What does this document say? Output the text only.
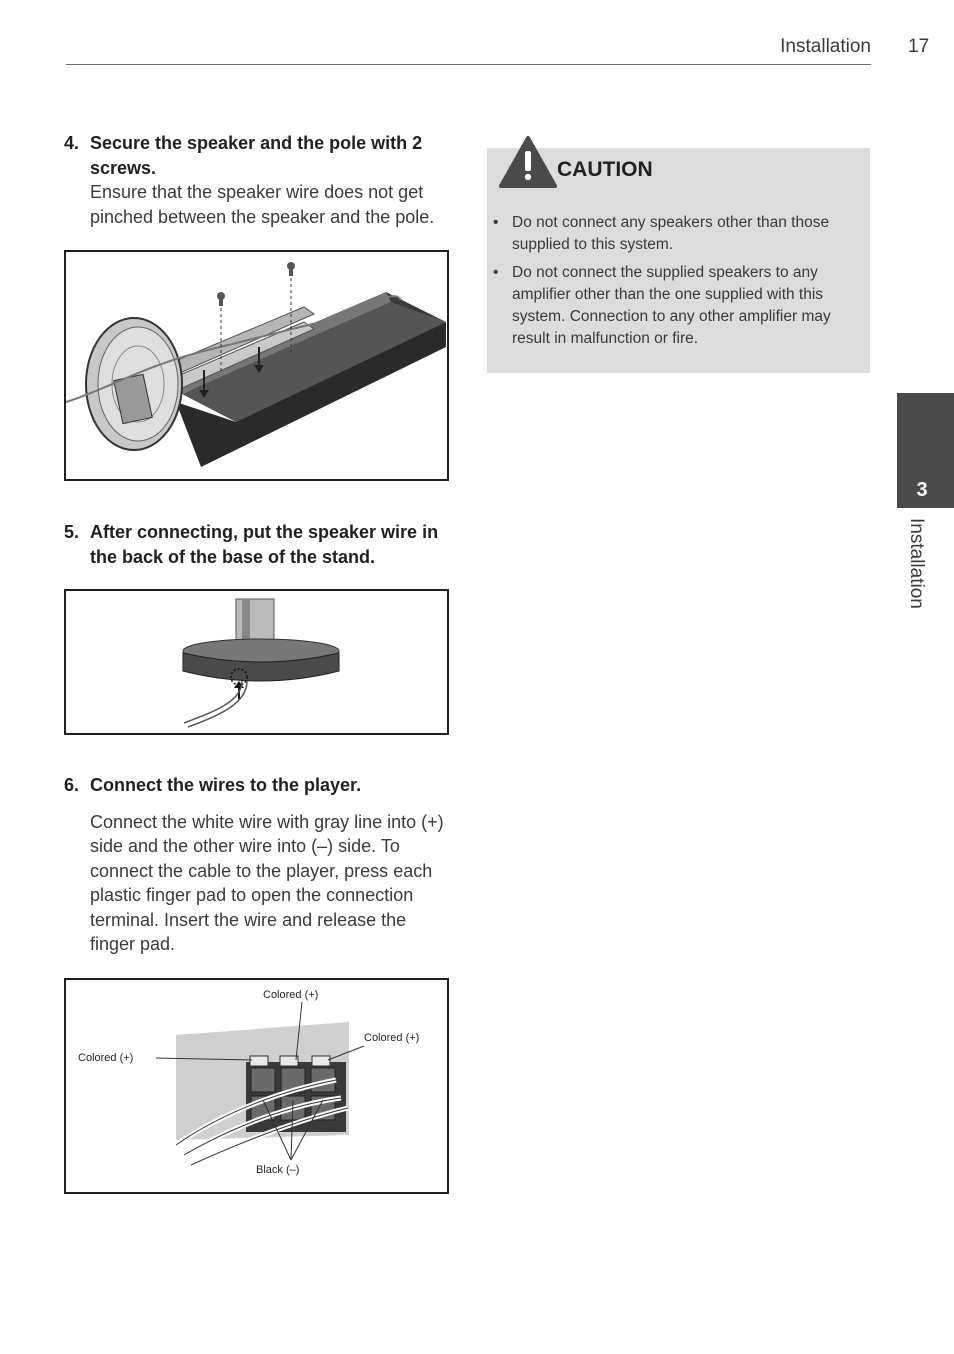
Installation 17
4. Secure the speaker and the pole with 2 screws.
Ensure that the speaker wire does not get pinched between the speaker and the pole.
5. After connecting, put the speaker wire in the back of the base of the stand.
6. Connect the wires to the player.
Connect the white wire with gray line into (+) side and the other wire into (–) side. To connect the cable to the player, press each plastic finger pad to open the connection terminal. Insert the wire and release the finger pad.
Colored (+)
Colored (+)
Colored (+)
Black (–)
CAUTION
• Do not connect any speakers other than those supplied to this system.
• Do not connect the supplied speakers to any amplifier other than the one supplied with this system. Connection to any other amplifier may result in malfunction or fire.
3
Installation
